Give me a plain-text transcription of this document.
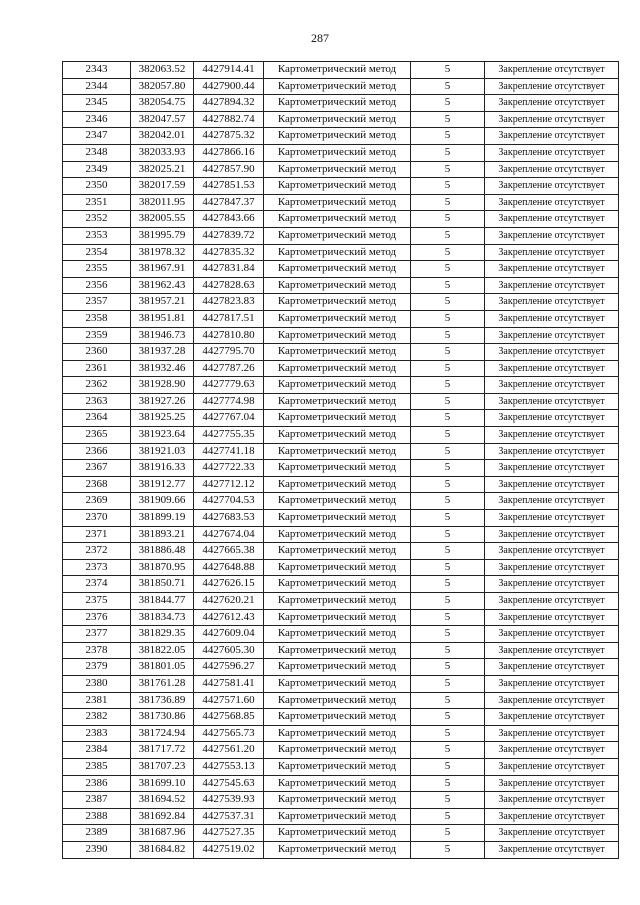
287
2343	382063.52	4427914.41	Картометрический метод	5	Закрепление отсутствует
2344	382057.80	4427900.44	Картометрический метод	5	Закрепление отсутствует
2345	382054.75	4427894.32	Картометрический метод	5	Закрепление отсутствует
2346	382047.57	4427882.74	Картометрический метод	5	Закрепление отсутствует
2347	382042.01	4427875.32	Картометрический метод	5	Закрепление отсутствует
2348	382033.93	4427866.16	Картометрический метод	5	Закрепление отсутствует
2349	382025.21	4427857.90	Картометрический метод	5	Закрепление отсутствует
2350	382017.59	4427851.53	Картометрический метод	5	Закрепление отсутствует
2351	382011.95	4427847.37	Картометрический метод	5	Закрепление отсутствует
2352	382005.55	4427843.66	Картометрический метод	5	Закрепление отсутствует
2353	381995.79	4427839.72	Картометрический метод	5	Закрепление отсутствует
2354	381978.32	4427835.32	Картометрический метод	5	Закрепление отсутствует
2355	381967.91	4427831.84	Картометрический метод	5	Закрепление отсутствует
2356	381962.43	4427828.63	Картометрический метод	5	Закрепление отсутствует
2357	381957.21	4427823.83	Картометрический метод	5	Закрепление отсутствует
2358	381951.81	4427817.51	Картометрический метод	5	Закрепление отсутствует
2359	381946.73	4427810.80	Картометрический метод	5	Закрепление отсутствует
2360	381937.28	4427795.70	Картометрический метод	5	Закрепление отсутствует
2361	381932.46	4427787.26	Картометрический метод	5	Закрепление отсутствует
2362	381928.90	4427779.63	Картометрический метод	5	Закрепление отсутствует
2363	381927.26	4427774.98	Картометрический метод	5	Закрепление отсутствует
2364	381925.25	4427767.04	Картометрический метод	5	Закрепление отсутствует
2365	381923.64	4427755.35	Картометрический метод	5	Закрепление отсутствует
2366	381921.03	4427741.18	Картометрический метод	5	Закрепление отсутствует
2367	381916.33	4427722.33	Картометрический метод	5	Закрепление отсутствует
2368	381912.77	4427712.12	Картометрический метод	5	Закрепление отсутствует
2369	381909.66	4427704.53	Картометрический метод	5	Закрепление отсутствует
2370	381899.19	4427683.53	Картометрический метод	5	Закрепление отсутствует
2371	381893.21	4427674.04	Картометрический метод	5	Закрепление отсутствует
2372	381886.48	4427665.38	Картометрический метод	5	Закрепление отсутствует
2373	381870.95	4427648.88	Картометрический метод	5	Закрепление отсутствует
2374	381850.71	4427626.15	Картометрический метод	5	Закрепление отсутствует
2375	381844.77	4427620.21	Картометрический метод	5	Закрепление отсутствует
2376	381834.73	4427612.43	Картометрический метод	5	Закрепление отсутствует
2377	381829.35	4427609.04	Картометрический метод	5	Закрепление отсутствует
2378	381822.05	4427605.30	Картометрический метод	5	Закрепление отсутствует
2379	381801.05	4427596.27	Картометрический метод	5	Закрепление отсутствует
2380	381761.28	4427581.41	Картометрический метод	5	Закрепление отсутствует
2381	381736.89	4427571.60	Картометрический метод	5	Закрепление отсутствует
2382	381730.86	4427568.85	Картометрический метод	5	Закрепление отсутствует
2383	381724.94	4427565.73	Картометрический метод	5	Закрепление отсутствует
2384	381717.72	4427561.20	Картометрический метод	5	Закрепление отсутствует
2385	381707.23	4427553.13	Картометрический метод	5	Закрепление отсутствует
2386	381699.10	4427545.63	Картометрический метод	5	Закрепление отсутствует
2387	381694.52	4427539.93	Картометрический метод	5	Закрепление отсутствует
2388	381692.84	4427537.31	Картометрический метод	5	Закрепление отсутствует
2389	381687.96	4427527.35	Картометрический метод	5	Закрепление отсутствует
2390	381684.82	4427519.02	Картометрический метод	5	Закрепление отсутствует
